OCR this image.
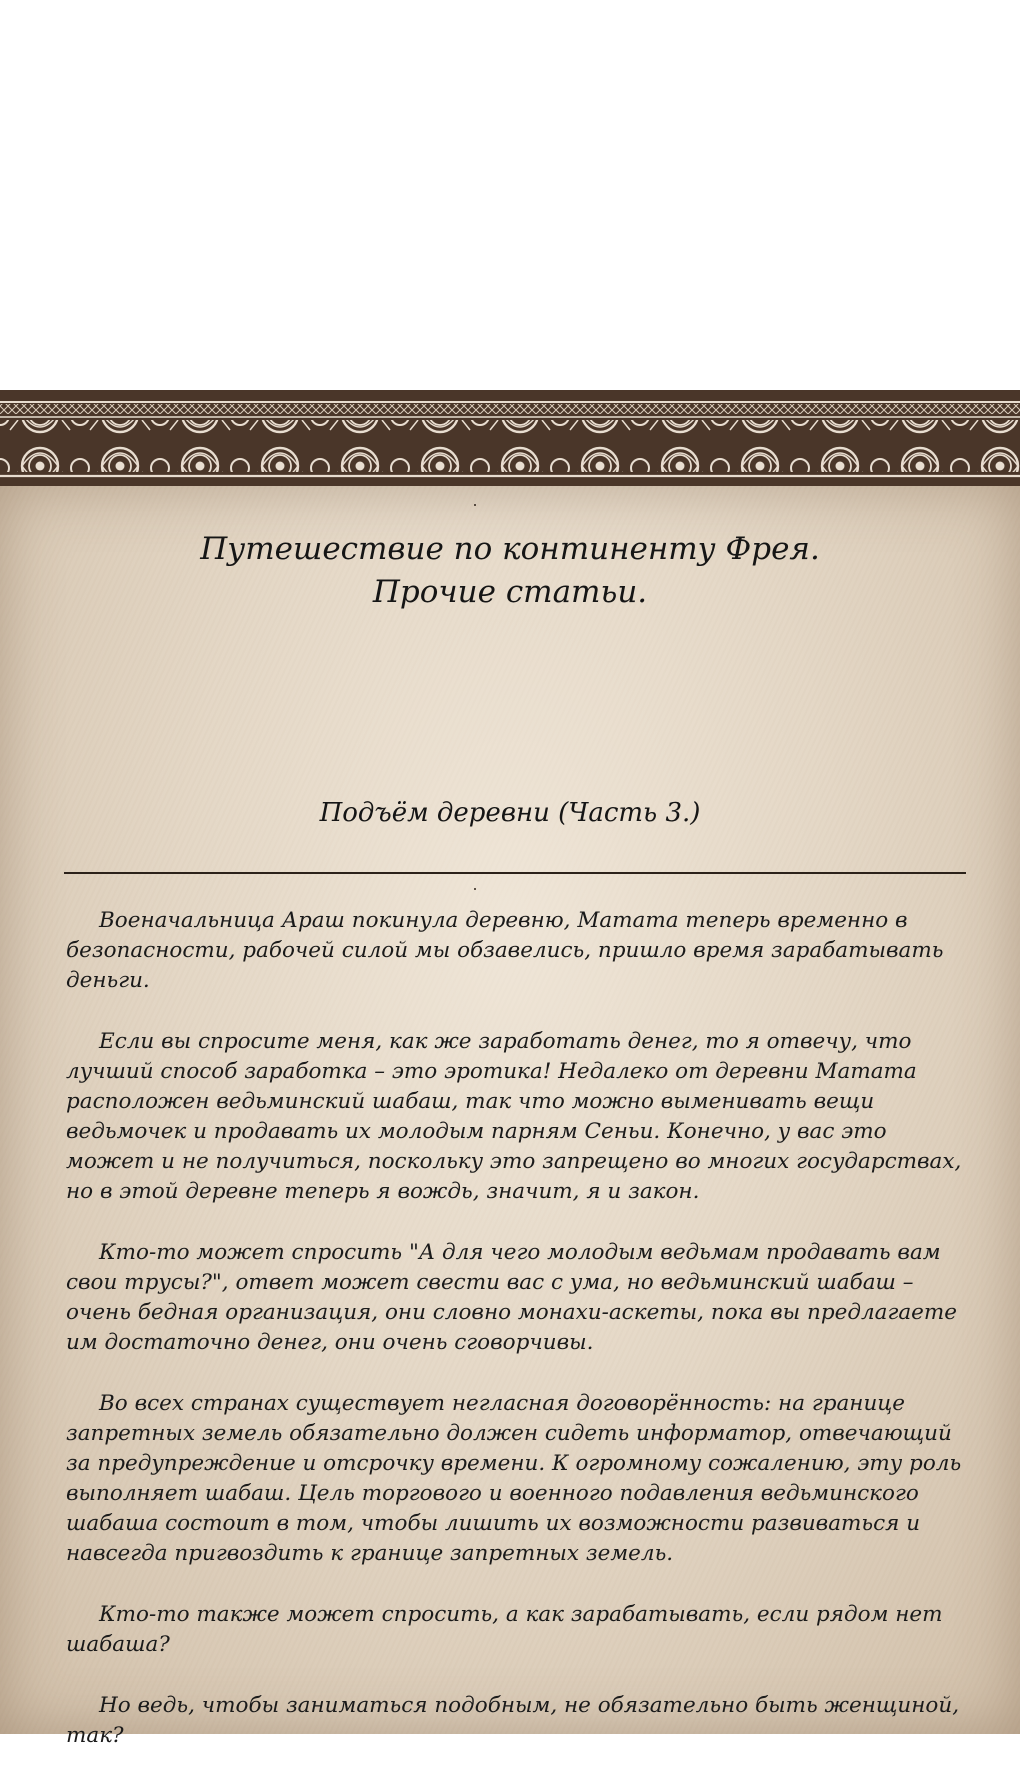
Путешествие по континенту Фрея.
Прочие статьи.
Подъём деревни (Часть 3.)

Военачальница Араш покинула деревню, Матата теперь временно в безопасности, рабочей силой мы обзавелись, пришло время зарабатывать деньги.

Если вы спросите меня, как же заработать денег, то я отвечу, что лучший способ заработка – это эротика! Недалеко от деревни Матата расположен ведьминский шабаш, так что можно выменивать вещи ведьмочек и продавать их молодым парням Сеньи. Конечно, у вас это может и не получиться, поскольку это запрещено во многих государствах, но в этой деревне теперь я вождь, значит, я и закон.

Кто-то может спросить "А для чего молодым ведьмам продавать вам свои трусы?", ответ может свести вас с ума, но ведьминский шабаш – очень бедная организация, они словно монахи-аскеты, пока вы предлагаете им достаточно денег, они очень сговорчивы.

Во всех странах существует негласная договорённость: на границе запретных земель обязательно должен сидеть информатор, отвечающий за предупреждение и отсрочку времени. К огромному сожалению, эту роль выполняет шабаш. Цель торгового и военного подавления ведьминского шабаша состоит в том, чтобы лишить их возможности развиваться и навсегда пригвоздить к границе запретных земель.

Кто-то также может спросить, а как зарабатывать, если рядом нет шабаша?

Но ведь, чтобы заниматься подобным, не обязательно быть женщиной, так?
